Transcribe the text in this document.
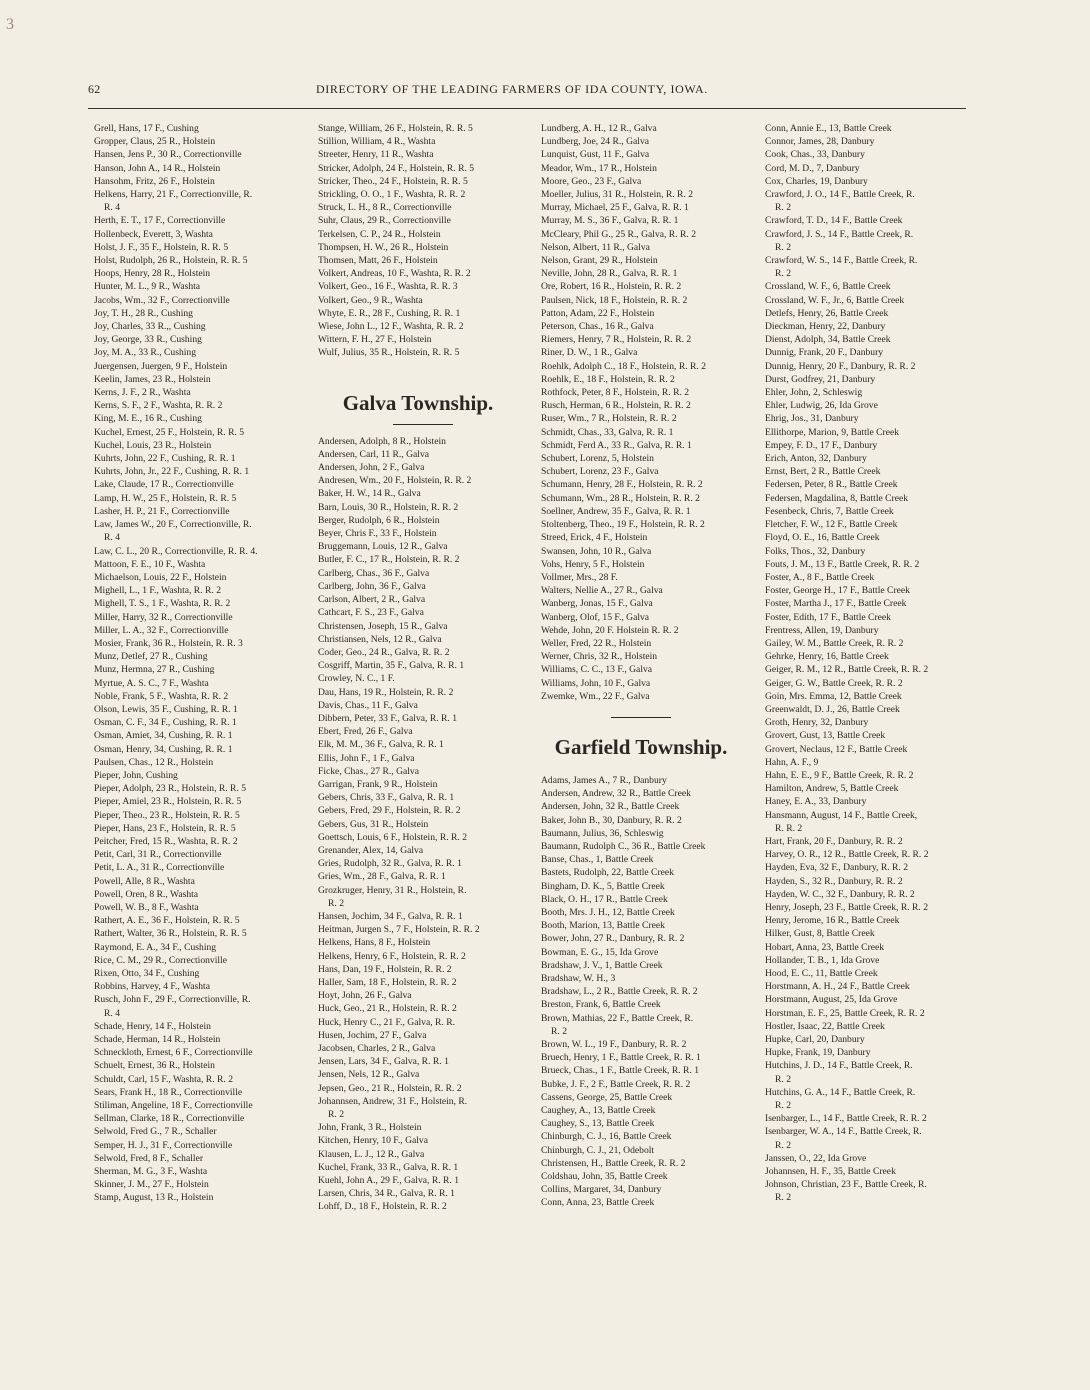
3
62	DIRECTORY OF THE LEADING FARMERS OF IDA COUNTY, IOWA.
Grell, Hans, 17 F., Cushing
Gropper, Claus, 25 R., Holstein
Hansen, Jens P., 30 R., Correctionville
Hanson, John A., 14 R., Holstein
Hansohm, Fritz, 26 F., Holstein
Helkens, Harry, 21 F., Correctionville, R.
R. 4
Herth, E. T., 17 F., Correctionville
Hollenbeck, Everett, 3, Washta
Holst, J. F., 35 F., Holstein, R. R. 5
Holst, Rudolph, 26 R., Holstein, R. R. 5
Hoops, Henry, 28 R., Holstein
Hunter, M. L., 9 R., Washta
Jacobs, Wm., 32 F., Correctionville
Joy, T. H., 28 R., Cushing
Joy, Charles, 33 R.,, Cushing
Joy, George, 33 R., Cushing
Joy, M. A., 33 R., Cushing
Juergensen, Juergen, 9 F., Holstein
Keelin, James, 23 R., Holstein
Kerns, J. F., 2 R., Washta
Kerns, S. F., 2 F., Washta, R. R. 2
King, M. E., 16 R., Cushing
Kuchel, Ernest, 25 F., Holstein, R. R. 5
Kuchel, Louis, 23 R., Holstein
Kuhrts, John, 22 F., Cushing, R. R. 1
Kuhrts, John, Jr., 22 F., Cushing, R. R. 1
Lake, Claude, 17 R., Correctionville
Lamp, H. W., 25 F., Holstein, R. R. 5
Lasher, H. P., 21 F., Correctionville
Law, James W., 20 F., Correctionville, R.
R. 4
Law, C. L., 20 R., Correctionville, R. R. 4.
Mattoon, F. E., 10 F., Washta
Michaelson, Louis, 22 F., Holstein
Mighell, L., 1 F., Washta, R. R. 2
Mighell, T. S., 1 F., Washta, R. R. 2
Miller, Harry, 32 R., Correctionville
Miller, L. A., 32 F., Correctionville
Mosier, Frank, 36 R., Holstein, R. R. 3
Munz, Detlef, 27 R., Cushing
Munz, Hermna, 27 R., Cushing
Myrtue, A. S. C., 7 F., Washta
Noble, Frank, 5 F., Washta, R. R. 2
Olson, Lewis, 35 F., Cushing, R. R. 1
Osman, C. F., 34 F., Cushing, R. R. 1
Osman, Amiet, 34, Cushing, R. R. 1
Osman, Henry, 34, Cushing, R. R. 1
Paulsen, Chas., 12 R., Holstein
Pieper, John, Cushing
Pieper, Adolph, 23 R., Holstein, R. R. 5
Pieper, Amiel, 23 R., Holstein, R. R. 5
Pieper, Theo., 23 R., Holstein, R. R. 5
Pieper, Hans, 23 F., Holstein, R. R. 5
Peitcher, Fred, 15 R., Washta, R. R. 2
Petit, Carl, 31 R., Correctionville
Petit, L. A., 31 R., Correctionville
Powell, Alle, 8 R., Washta
Powell, Oren, 8 R., Washta
Powell, W. B., 8 F., Washta
Rathert, A. E., 36 F., Holstein, R. R. 5
Rathert, Walter, 36 R., Holstein, R. R. 5
Raymond, E. A., 34 F., Cushing
Rice, C. M., 29 R., Correctionville
Rixen, Otto, 34 F., Cushing
Robbins, Harvey, 4 F., Washta
Rusch, John F., 29 F., Correctionville, R.
R. 4
Schade, Henry, 14 F., Holstein
Schade, Herman, 14 R., Holstein
Schneckloth, Ernest, 6 F., Correctionville
Schuelt, Ernest, 36 R., Holstein
Schuldt, Carl, 15 F., Washta, R. R. 2
Sears, Frank H., 18 R., Correctionville
Stiliman, Angeline, 18 F., Correctionville
Sellman, Clarke, 18 R., Correctionville
Selwold, Fred G., 7 R., Schaller
Semper, H. J., 31 F., Correctionville
Selwold, Fred, 8 F., Schaller
Sherman, M. G., 3 F., Washta
Skinner, J. M., 27 F., Holstein
Stamp, August, 13 R., Holstein
Stange, William, 26 F., Holstein, R. R. 5
Stillion, William, 4 R., Washta
Streeter, Henry, 11 R., Washta
Stricker, Adolph, 24 F., Holstein, R. R. 5
Stricker, Theo., 24 F., Holstein, R. R. 5
Strickling, O. O., 1 F., Washta, R. R. 2
Struck, L. H., 8 R., Correctionville
Suhr, Claus, 29 R., Correctionville
Terkelsen, C. P., 24 R., Holstein
Thompsen, H. W., 26 R., Holstein
Thomsen, Matt, 26 F., Holstein
Volkert, Andreas, 10 F., Washta, R. R. 2
Volkert, Geo., 16 F., Washta, R. R. 3
Volkert, Geo., 9 R., Washta
Whyte, E. R., 28 F., Cushing, R. R. 1
Wiese, John L., 12 F., Washta, R. R. 2
Wittern, F. H., 27 F., Holstein
Wulf, Julius, 35 R., Holstein, R. R. 5
Galva Township.
Andersen, Adolph, 8 R., Holstein
Andersen, Carl, 11 R., Galva
Andersen, John, 2 F., Galva
Andresen, Wm., 20 F., Holstein, R. R. 2
Baker, H. W., 14 R., Galva
Barn, Louis, 30 R., Holstein, R. R. 2
Berger, Rudolph, 6 R., Holstein
Beyer, Chris F., 33 F., Holstein
Bruggemann, Louis, 12 R., Galva
Butler, F. C., 17 R., Holstein, R. R. 2
Carlberg, Chas., 36 F., Galva
Carlberg, John, 36 F., Galva
Carlson, Albert, 2 R., Galva
Cathcart, F. S., 23 F., Galva
Christensen, Joseph, 15 R., Galva
Christiansen, Nels, 12 R., Galva
Coder, Geo., 24 R., Galva, R. R. 2
Cosgriff, Martin, 35 F., Galva, R. R. 1
Crowley, N. C., 1 F.
Dau, Hans, 19 R., Holstein, R. R. 2
Davis, Chas., 11 F., Galva
Dibbern, Peter, 33 F., Galva, R. R. 1
Ebert, Fred, 26 F., Galva
Elk, M. M., 36 F., Galva, R. R. 1
Ellis, John F., 1 F., Galva
Ficke, Chas., 27 R., Galva
Garrigan, Frank, 9 R., Holstein
Gebers, Chris, 33 F., Galva, R. R. 1
Gebers, Fred, 29 F., Holstein, R. R. 2
Gebers, Gus, 31 R., Holstein
Goettsch, Louis, 6 F., Holstein, R. R. 2
Grenander, Alex, 14, Galva
Gries, Rudolph, 32 R., Galva, R. R. 1
Gries, Wm., 28 F., Galva, R. R. 1
Grozkruger, Henry, 31 R., Holstein, R.
R. 2
Hansen, Jochim, 34 F., Galva, R. R. 1
Heitman, Jurgen S., 7 F., Holstein, R. R. 2
Helkens, Hans, 8 F., Holstein
Helkens, Henry, 6 F., Holstein, R. R. 2
Hans, Dan, 19 F., Holstein, R. R. 2
Haller, Sam, 18 F., Holstein, R. R. 2
Hoyt, John, 26 F., Galva
Huck, Geo., 21 R., Holstein, R. R. 2
Huck, Henry C., 21 F., Galva, R. R.
Husen, Jochim, 27 F., Galva
Jacobsen, Charles, 2 R., Galva
Jensen, Lars, 34 F., Galva, R. R. 1
Jensen, Nels, 12 R., Galva
Jepsen, Geo., 21 R., Holstein, R. R. 2
Johannsen, Andrew, 31 F., Holstein, R.
R. 2
John, Frank, 3 R., Holstein
Kitchen, Henry, 10 F., Galva
Klausen, L. J., 12 R., Galva
Kuchel, Frank, 33 R., Galva, R. R. 1
Kuehl, John A., 29 F., Galva, R. R. 1
Larsen, Chris, 34 R., Galva, R. R. 1
Lohff, D., 18 F., Holstein, R. R. 2
Lundberg, A. H., 12 R., Galva
Lundberg, Joe, 24 R., Galva
Lunquist, Gust, 11 F., Galva
Meador, Wm., 17 R., Holstein
Moore, Geo., 23 F., Galva
Moeller, Julius, 31 R., Holstein, R. R. 2
Murray, Michael, 25 F., Galva, R. R. 1
Murray, M. S., 36 F., Galva, R. R. 1
McCleary, Phil G., 25 R., Galva, R. R. 2
Nelson, Albert, 11 R., Galva
Nelson, Grant, 29 R., Holstein
Neville, John, 28 R., Galva, R. R. 1
Ore, Robert, 16 R., Holstein, R. R. 2
Paulsen, Nick, 18 F., Holstein, R. R. 2
Patton, Adam, 22 F., Holstein
Peterson, Chas., 16 R., Galva
Riemers, Henry, 7 R., Holstein, R. R. 2
Riner, D. W., 1 R., Galva
Roehlk, Adolph C., 18 F., Holstein, R. R. 2
Roehlk, E., 18 F., Holstein, R. R. 2
Rothfock, Peter, 8 F., Holstein, R. R. 2
Rusch, Herman, 6 R., Holstein, R. R. 2
Ruser, Wm., 7 R., Holstein, R. R. 2
Schmidt, Chas., 33, Galva, R. R. 1
Schmidt, Ferd A., 33 R., Galva, R. R. 1
Schubert, Lorenz, 5, Holstein
Schubert, Lorenz, 23 F., Galva
Schumann, Henry, 28 F., Holstein, R. R. 2
Schumann, Wm., 28 R., Holstein, R. R. 2
Soellner, Andrew, 35 F., Galva, R. R. 1
Stoltenberg, Theo., 19 F., Holstein, R. R. 2
Streed, Erick, 4 F., Holstein
Swansen, John, 10 R., Galva
Vohs, Henry, 5 F., Holstein
Vollmer, Mrs., 28 F.
Walters, Nellie A., 27 R., Galva
Wanberg, Jonas, 15 F., Galva
Wanberg, Olof, 15 F., Galva
Wehde, John, 20 F. Holstein R. R. 2
Weller, Fred, 22 R., Holstein
Werner, Chris, 32 R., Holstein
Williams, C. C., 13 F., Galva
Williams, John, 10 F., Galva
Zwemke, Wm., 22 F., Galva
Garfield Township.
Adams, James A., 7 R., Danbury
Andersen, Andrew, 32 R., Battle Creek
Andersen, John, 32 R., Battle Creek
Baker, John B., 30, Danbury, R. R. 2
Baumann, Julius, 36, Schleswig
Baumann, Rudolph C., 36 R., Battle Creek
Banse, Chas., 1, Battle Creek
Bastets, Rudolph, 22, Battle Creek
Bingham, D. K., 5, Battle Creek
Black, O. H., 17 R., Battle Creek
Booth, Mrs. J. H., 12, Battle Creek
Booth, Marion, 13, Battle Creek
Bower, John, 27 R., Danbury, R. R. 2
Bowman, E. G., 15, Ida Grove
Bradshaw, J. V., 1, Battle Creek
Bradshaw, W. H., 3
Bradshaw, L., 2 R., Battle Creek, R. R. 2
Breston, Frank, 6, Battle Creek
Brown, Mathias, 22 F., Battle Creek, R.
R. 2
Brown, W. L., 19 F., Danbury, R. R. 2
Bruech, Henry, 1 F., Battle Creek, R. R. 1
Brueck, Chas., 1 F., Battle Creek, R. R. 1
Bubke, J. F., 2 F., Battle Creek, R. R. 2
Cassens, George, 25, Battle Creek
Caughey, A., 13, Battle Creek
Caughey, S., 13, Battle Creek
Chinburgh, C. J., 16, Battle Creek
Chinburgh, C. J., 21, Odebolt
Christensen, H., Battle Creek, R. R. 2
Coldshau, John, 35, Battle Creek
Collins, Margaret, 34, Danbury
Conn, Anna, 23, Battle Creek
Conn, Annie E., 13, Battle Creek
Connor, James, 28, Danbury
Cook, Chas., 33, Danbury
Cord, M. D., 7, Danbury
Cox, Charles, 19, Danbury
Crawford, J. O., 14 F., Battle Creek, R.
R. 2
Crawford, T. D., 14 F., Battle Creek
Crawford, J. S., 14 F., Battle Creek, R.
R. 2
Crawford, W. S., 14 F., Battle Creek, R.
R. 2
Crossland, W. F., 6, Battle Creek
Crossland, W. F., Jr., 6, Battle Creek
Detlefs, Henry, 26, Battle Creek
Dieckman, Henry, 22, Danbury
Dienst, Adolph, 34, Battle Creek
Dunnig, Frank, 20 F., Danbury
Dunnig, Henry, 20 F., Danbury, R. R. 2
Durst, Godfrey, 21, Danbury
Ehler, John, 2, Schleswig
Ehler, Ludwig, 26, Ida Grove
Ehrig, Jos., 31, Danbury
Ellithorpe, Marion, 9, Battle Creek
Empey, F. D., 17 F., Danbury
Erich, Anton, 32, Danbury
Ernst, Bert, 2 R., Battle Creek
Federsen, Peter, 8 R., Battle Creek
Federsen, Magdalina, 8, Battle Creek
Fesenbeck, Chris, 7, Battle Creek
Fletcher, F. W., 12 F., Battle Creek
Floyd, O. E., 16, Battle Creek
Folks, Thos., 32, Danbury
Fouts, J. M., 13 F., Battle Creek, R. R. 2
Foster, A., 8 F., Battle Creek
Foster, George H., 17 F., Battle Creek
Foster, Martha J., 17 F., Battle Creek
Foster, Edith, 17 F., Battle Creek
Frentress, Allen, 19, Danbury
Gailey, W. M., Battle Creek, R. R. 2
Gehrke, Henry, 16, Battle Creek
Geiger, R. M., 12 R., Battle Creek, R. R. 2
Geiger, G. W., Battle Creek, R. R. 2
Goin, Mrs. Emma, 12, Battle Creek
Greenwaldt, D. J., 26, Battle Creek
Groth, Henry, 32, Danbury
Grovert, Gust, 13, Battle Creek
Grovert, Neclaus, 12 F., Battle Creek
Hahn, A. F., 9
Hahn, E. E., 9 F., Battle Creek, R. R. 2
Hamilton, Andrew, 5, Battle Creek
Haney, E. A., 33, Danbury
Hansmann, August, 14 F., Battle Creek,
R. R. 2
Hart, Frank, 20 F., Danbury, R. R. 2
Harvey, O. R., 12 R., Battle Creek, R. R. 2
Hayden, Eva, 32 F., Danbury, R. R. 2
Hayden, S., 32 R., Danbury, R. R. 2
Hayden, W. C., 32 F., Danbury, R. R. 2
Henry, Joseph, 23 F., Battle Creek, R. R. 2
Henry, Jerome, 16 R., Battle Creek
Hilker, Gust, 8, Battle Creek
Hobart, Anna, 23, Battle Creek
Hollander, T. B., 1, Ida Grove
Hood, E. C., 11, Battle Creek
Horstmann, A. H., 24 F., Battle Creek
Horstmann, August, 25, Ida Grove
Horstman, E. F., 25, Battle Creek, R. R. 2
Hostler, Isaac, 22, Battle Creek
Hupke, Carl, 20, Danbury
Hupke, Frank, 19, Danbury
Hutchins, J. D., 14 F., Battle Creek, R.
R. 2
Hutchins, G. A., 14 F., Battle Creek, R.
R. 2
Isenbarger, L., 14 F., Battle Creek, R. R. 2
Isenbarger, W. A., 14 F., Battle Creek, R.
R. 2
Janssen, O., 22, Ida Grove
Johannsen, H. F., 35, Battle Creek
Johnson, Christian, 23 F., Battle Creek, R.
R. 2
